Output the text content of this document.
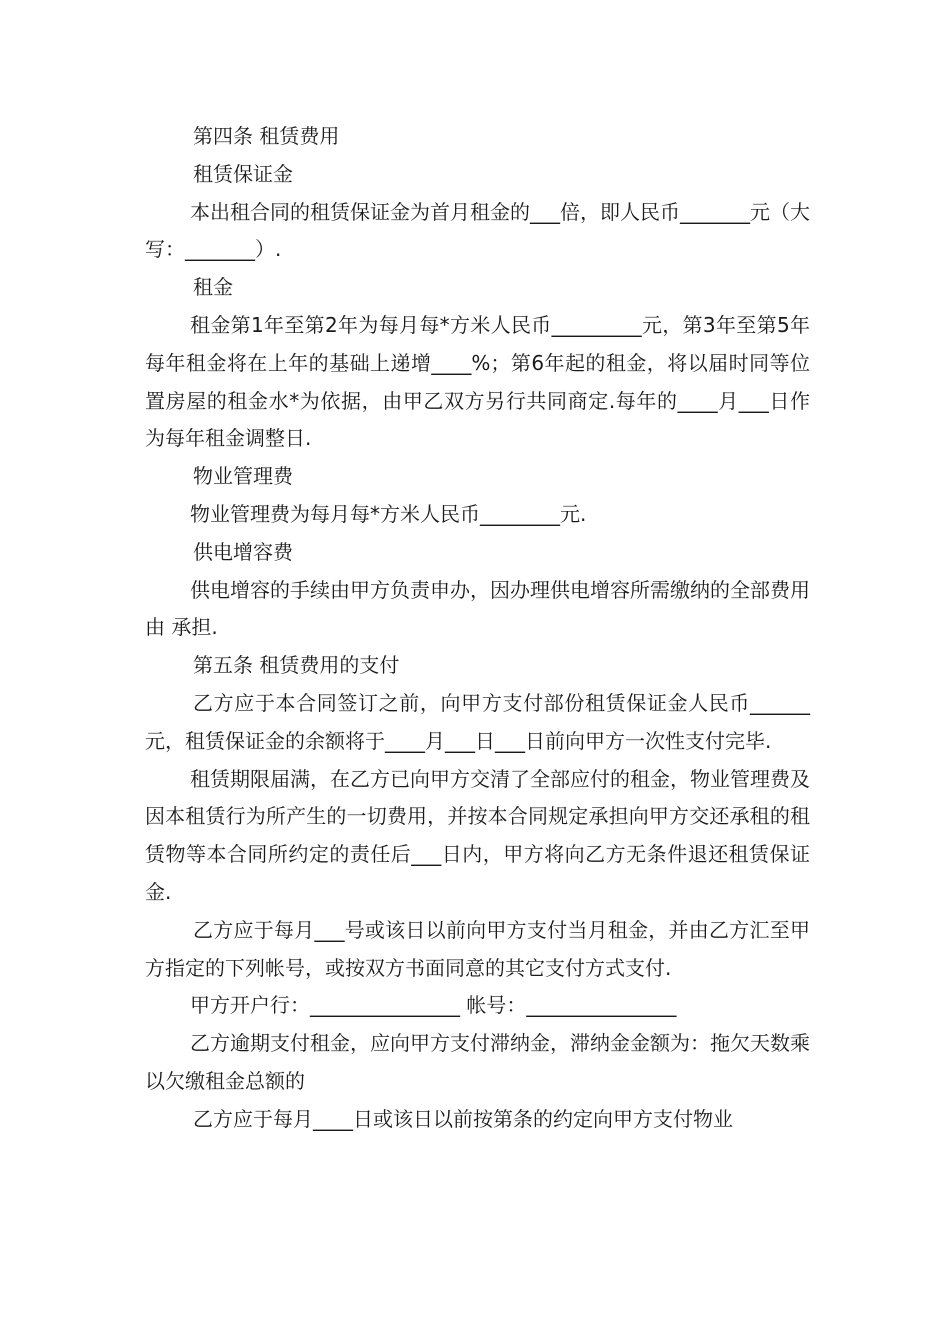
第四条 租赁费用

租赁保证金

本出租合同的租赁保证金为首月租金的___倍，即人民币_______元（大写：_______）.

租金

租金第1年至第2年为每月每*方米人民币_________元，第3年至第5年每年租金将在上年的基础上递增____%；第6年起的租金，将以届时同等位置房屋的租金水*为依据，由甲乙双方另行共同商定.每年的____月___日作为每年租金调整日.

物业管理费

物业管理费为每月每*方米人民币________元.

供电增容费

供电增容的手续由甲方负责申办，因办理供电增容所需缴纳的全部费用由 承担.

第五条 租赁费用的支付

乙方应于本合同签订之前，向甲方支付部份租赁保证金人民币______元，租赁保证金的余额将于____月___日___日前向甲方一次性支付完毕.

租赁期限届满，在乙方已向甲方交清了全部应付的租金，物业管理费及因本租赁行为所产生的一切费用，并按本合同规定承担向甲方交还承租的租赁物等本合同所约定的责任后___日内，甲方将向乙方无条件退还租赁保证金.

乙方应于每月___号或该日以前向甲方支付当月租金，并由乙方汇至甲方指定的下列帐号，或按双方书面同意的其它支付方式支付.

甲方开户行：_______________ 帐号：_______________

乙方逾期支付租金，应向甲方支付滞纳金，滞纳金金额为：拖欠天数乘以欠缴租金总额的

乙方应于每月____日或该日以前按第条的约定向甲方支付物业
